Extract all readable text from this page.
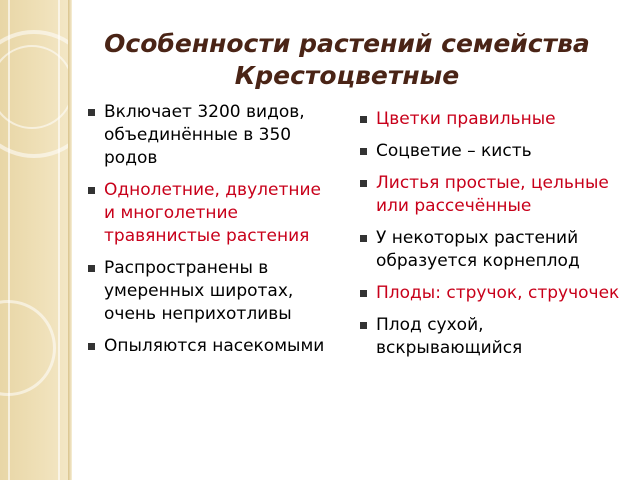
Особенности растений семейства Крестоцветные
Включает 3200 видов, объединённые в 350 родов
Однолетние, двулетние и многолетние травянистые растения
Распространены в умеренных широтах, очень неприхотливы
Опыляются насекомыми
Цветки правильные
Соцветие – кисть
Листья простые, цельные или рассечённые
У некоторых растений образуется корнеплод
Плоды: стручок, стручочек
Плод сухой, вскрывающийся
